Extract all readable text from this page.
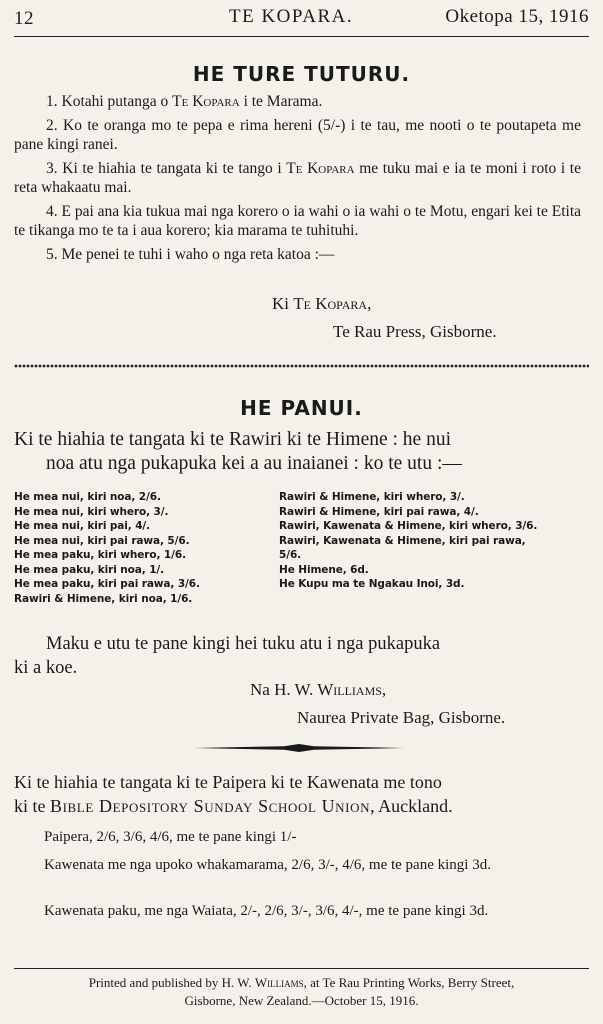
12	TE KOPARA.	Oketopa 15, 1916
HE TURE TUTURU.
1. Kotahi putanga o Te Kopara i te Marama.
2. Ko te oranga mo te pepa e rima hereni (5/-) i te tau, me nooti o te poutapeta me pane kingi ranei.
3. Ki te hiahia te tangata ki te tango i Te Kopara me tuku mai e ia te moni i roto i te reta whakaatu mai.
4. E pai ana kia tukua mai nga korero o ia wahi o ia wahi o te Motu, engari kei te Etita te tikanga mo te ta i aua korero; kia marama te tuhituhi.
5. Me penei te tuhi i waho o nga reta katoa :—
Ki Te Kopara,
Te Rau Press, Gisborne.
HE PANUI.

Ki te hiahia te tangata ki te Rawiri ki te Himene : he nui
noa atu nga pukapuka kei a au inaianei : ko te utu :—

He mea nui, kiri noa, 2/6.
He mea nui, kiri whero, 3/.
He mea nui, kiri pai, 4/.
He mea nui, kiri pai rawa, 5/6.
He mea paku, kiri whero, 1/6.
He mea paku, kiri noa, 1/.
He mea paku, kiri pai rawa, 3/6.
Rawiri & Himene, kiri noa, 1/6.
Rawiri & Himene, kiri whero, 3/.
Rawiri & Himene, kiri pai rawa, 4/.
Rawiri, Kawenata & Himene, kiri whero, 3/6.
Rawiri, Kawenata & Himene, kiri pai rawa,
5/6.
He Himene, 6d.
He Kupu ma te Ngakau Inoi, 3d.

Maku e utu te pane kingi hei tuku atu i nga pukapuka

ki a koe.

Na H. W. Williams,
Naurea Private Bag, Gisborne.

Ki te hiahia te tangata ki te Paipera ki te Kawenata me tono

ki te Bible Depository Sunday School Union, Auckland.
Paipera, 2/6, 3/6, 4/6, me te pane kingi 1/-
Kawenata me nga upoko whakamarama, 2/6, 3/-, 4/6, me te pane kingi 3d.
Kawenata paku, me nga Waiata, 2/-, 2/6, 3/-, 3/6, 4/-, me te pane kingi 3d.
Printed and published by H. W. Williams, at Te Rau Printing Works, Berry Street,
Gisborne, New Zealand.—October 15, 1916.
